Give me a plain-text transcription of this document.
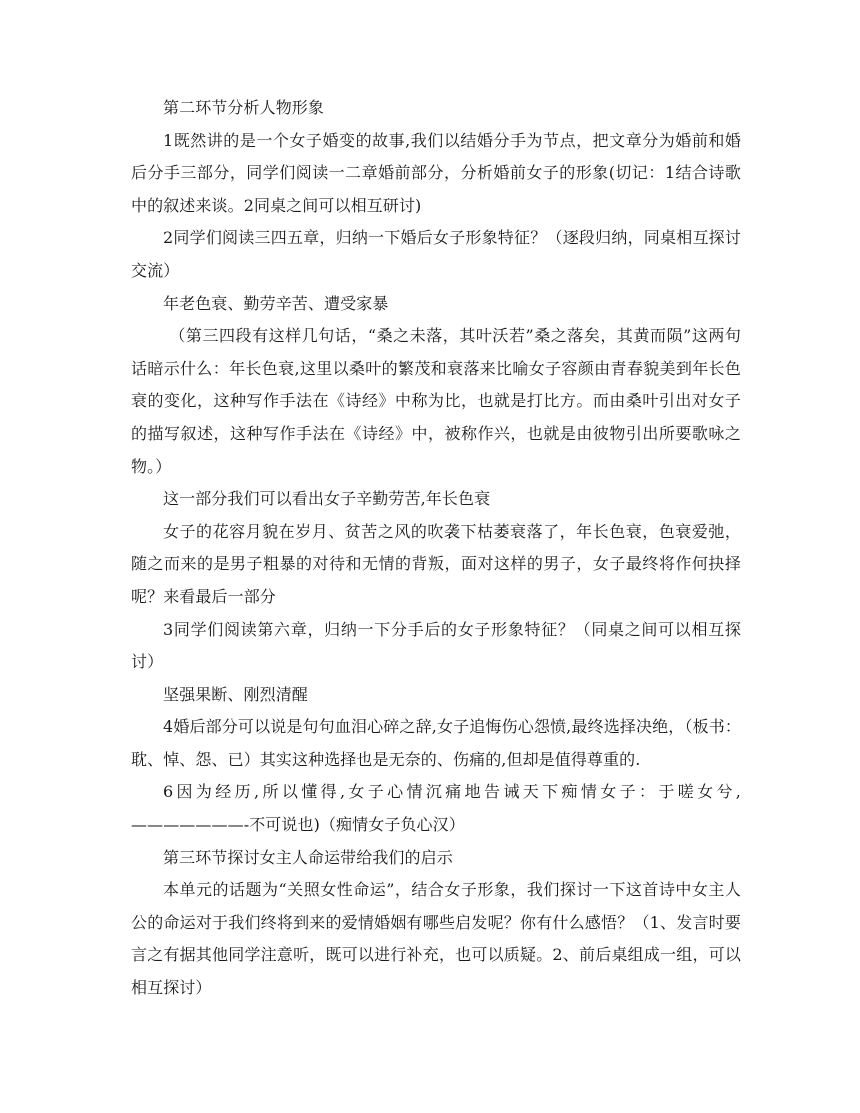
第二环节分析人物形象

1既然讲的是一个女子婚变的故事,我们以结婚分手为节点，把文章分为婚前和婚后分手三部分，同学们阅读一二章婚前部分，分析婚前女子的形象(切记：1结合诗歌中的叙述来谈。2同桌之间可以相互研讨)

2同学们阅读三四五章，归纳一下婚后女子形象特征？（逐段归纳，同桌相互探讨交流）

年老色衰、勤劳辛苦、遭受家暴

（第三四段有这样几句话，“桑之未落，其叶沃若”桑之落矣，其黄而陨”这两句话暗示什么：年长色衰,这里以桑叶的繁茂和衰落来比喻女子容颜由青春貌美到年长色衰的变化，这种写作手法在《诗经》中称为比，也就是打比方。而由桑叶引出对女子的描写叙述，这种写作手法在《诗经》中，被称作兴，也就是由彼物引出所要歌咏之物。）

这一部分我们可以看出女子辛勤劳苦,年长色衰

女子的花容月貌在岁月、贫苦之风的吹袭下枯萎衰落了，年长色衰，色衰爱弛，随之而来的是男子粗暴的对待和无情的背叛，面对这样的男子，女子最终将作何抉择呢？来看最后一部分

3同学们阅读第六章，归纳一下分手后的女子形象特征？（同桌之间可以相互探讨）

坚强果断、刚烈清醒

4婚后部分可以说是句句血泪心碎之辞,女子追悔伤心怨愤,最终选择决绝，（板书：耽、悼、怨、已）其实这种选择也是无奈的、伤痛的,但却是值得尊重的.

6因为经历,所以懂得,女子心情沉痛地告诫天下痴情女子：于嗟女兮,———————-不可说也)（痴情女子负心汉）

第三环节探讨女主人命运带给我们的启示

本单元的话题为“关照女性命运”，结合女子形象，我们探讨一下这首诗中女主人公的命运对于我们终将到来的爱情婚姻有哪些启发呢？你有什么感悟？（1、发言时要言之有据其他同学注意听，既可以进行补充，也可以质疑。2、前后桌组成一组，可以相互探讨）
